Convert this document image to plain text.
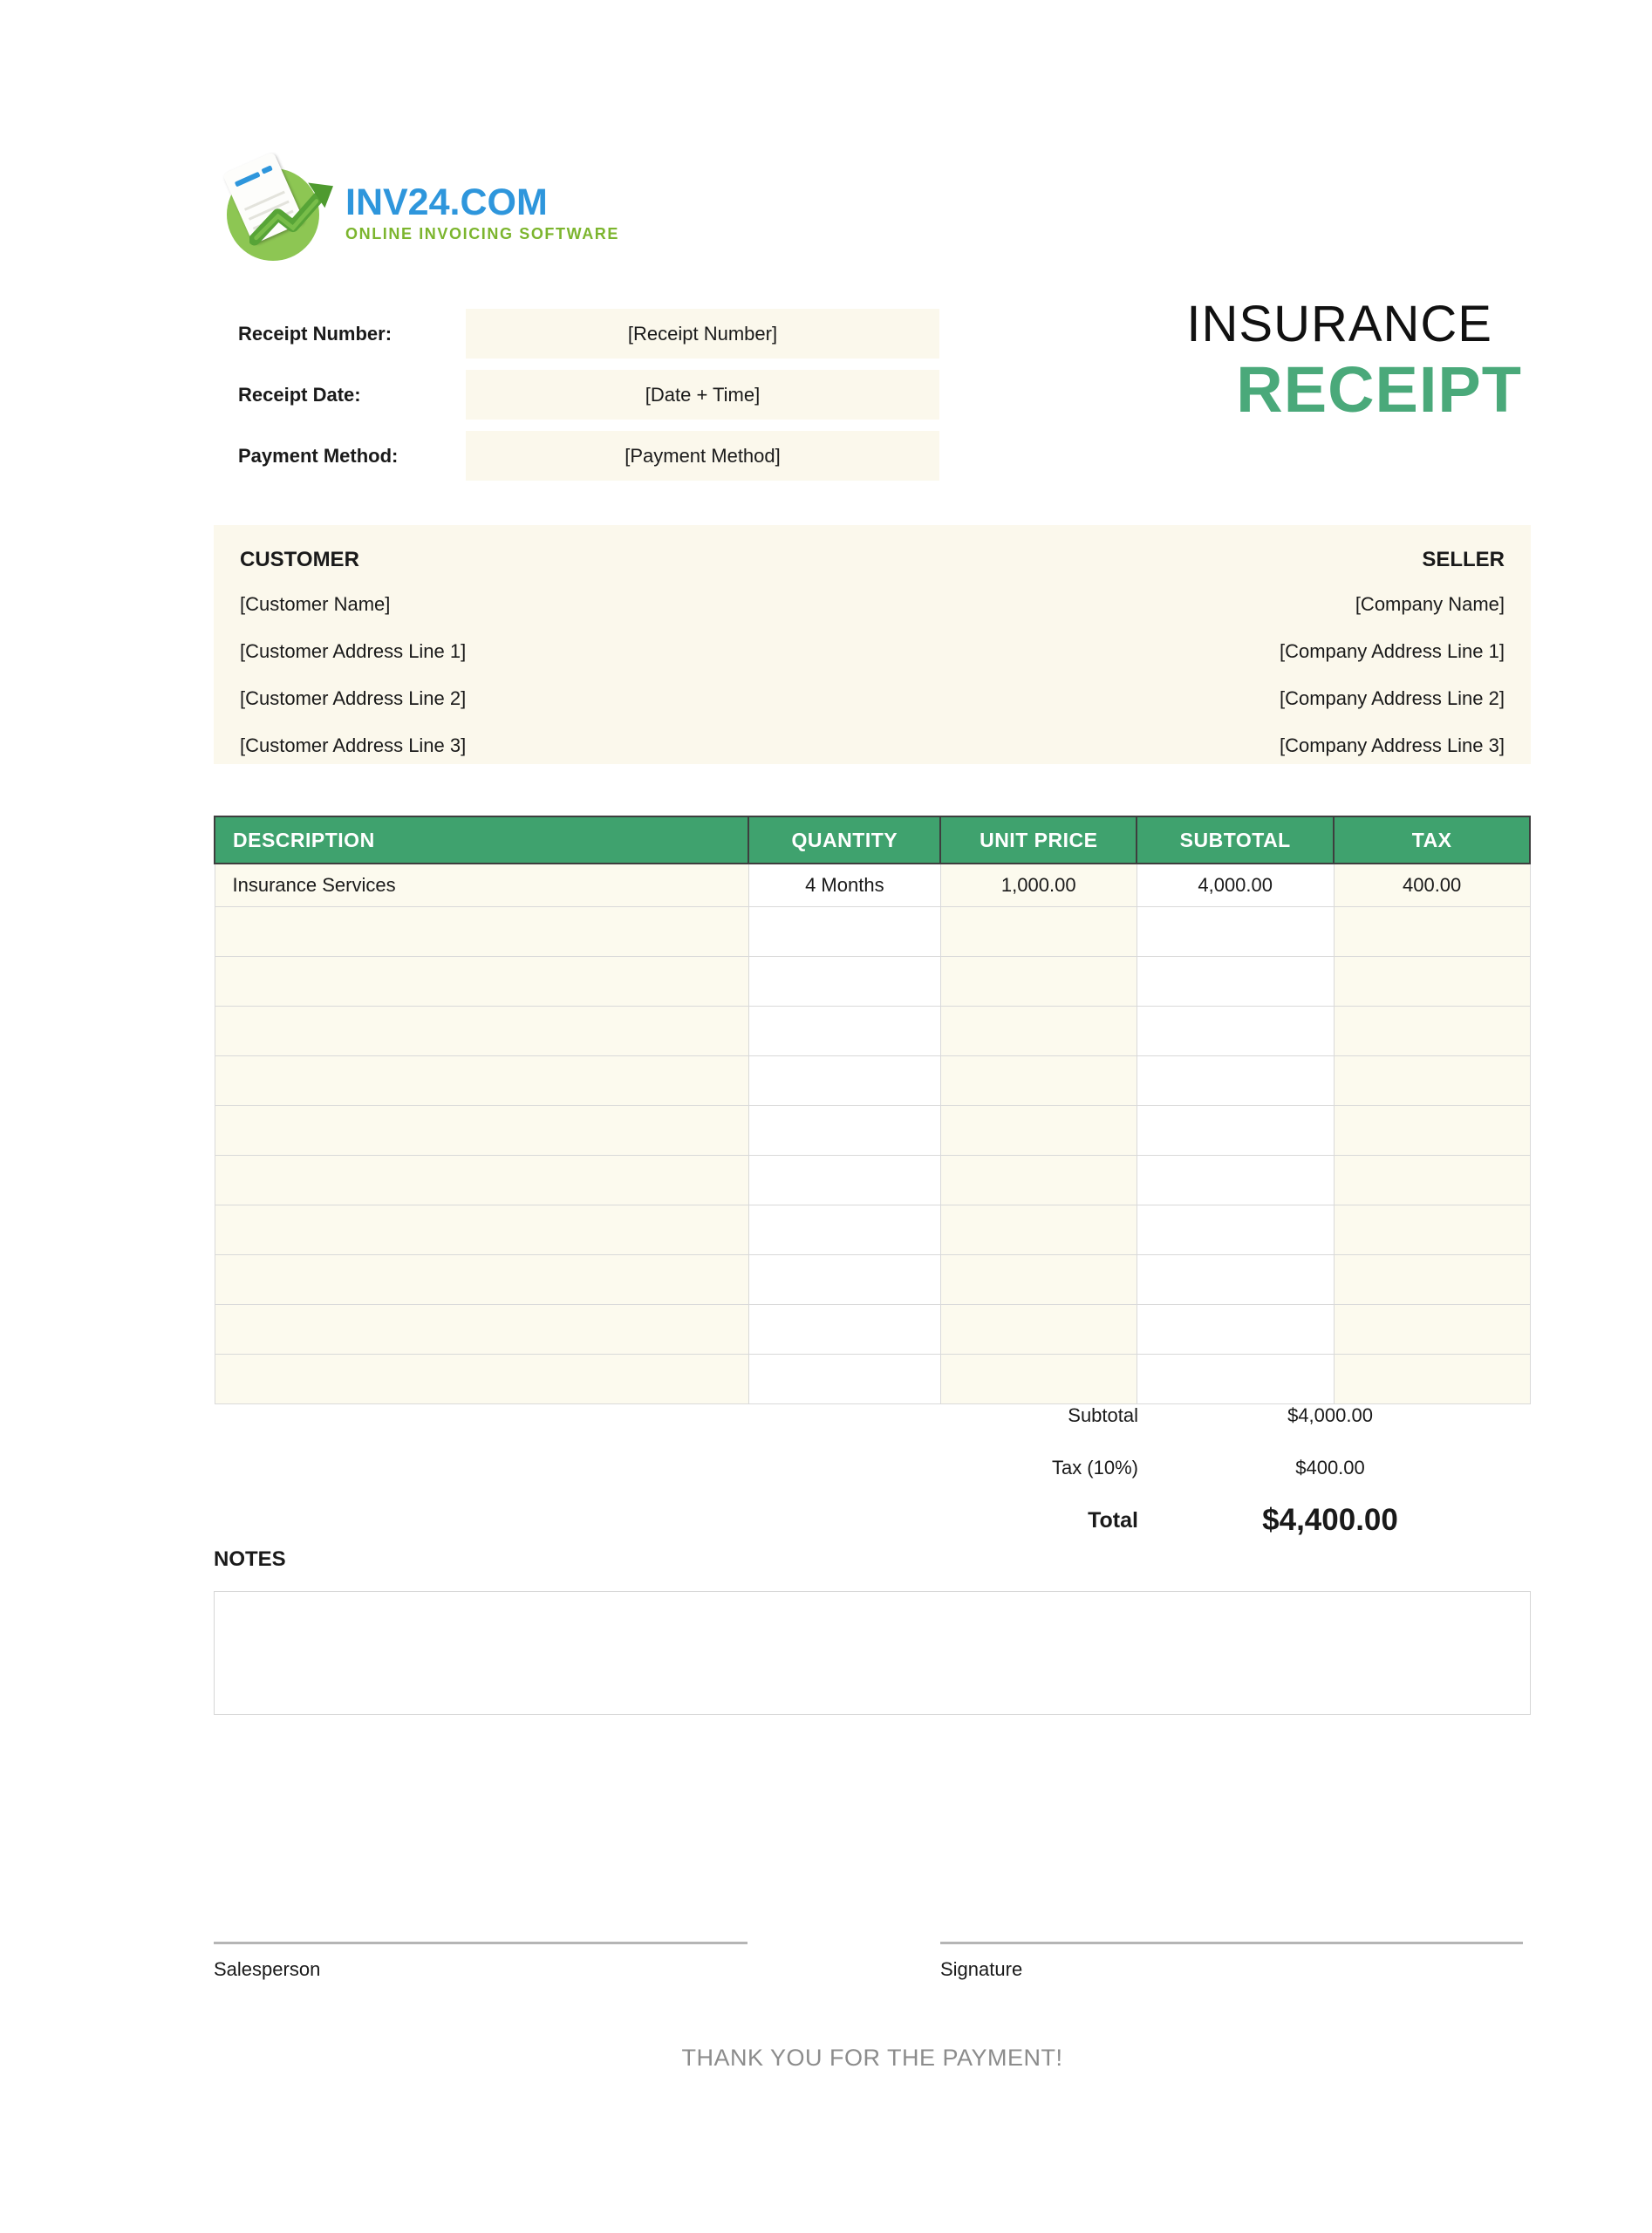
INV24.COM
ONLINE INVOICING SOFTWARE
Receipt Number:	[Receipt Number]
Receipt Date:	[Date + Time]
Payment Method:	[Payment Method]
INSURANCE
RECEIPT
CUSTOMER
[Customer Name]
[Customer Address Line 1]
[Customer Address Line 2]
[Customer Address Line 3]
SELLER
[Company Name]
[Company Address Line 1]
[Company Address Line 2]
[Company Address Line 3]
DESCRIPTION	QUANTITY	UNIT PRICE	SUBTOTAL	TAX
Insurance Services	4 Months	1,000.00	4,000.00	400.00

Subtotal	$4,000.00
Tax (10%)	$400.00
Total	$4,400.00
NOTES
Salesperson	Signature
THANK YOU FOR THE PAYMENT!
